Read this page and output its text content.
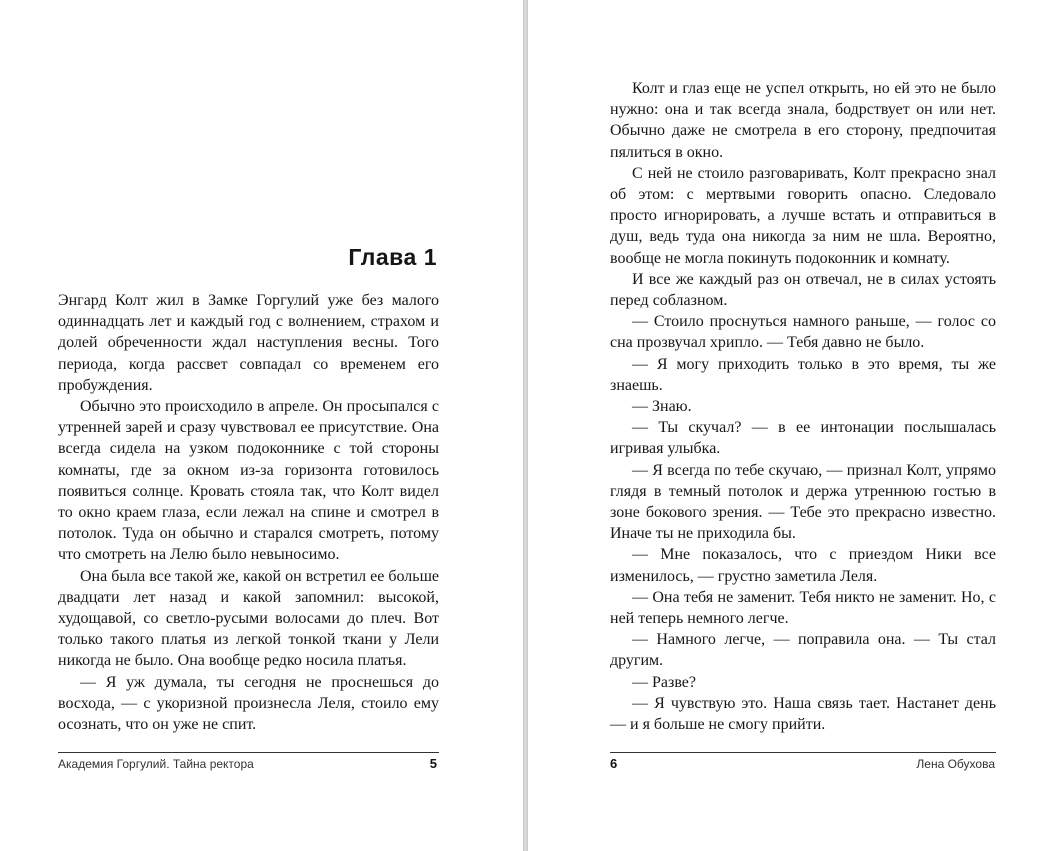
Глава 1

Энгард Колт жил в Замке Горгулий уже без малого одиннадцать лет и каждый год с волнением, страхом и долей обреченности ждал наступления весны. Того периода, когда рассвет совпадал со временем его пробуждения.

Обычно это происходило в апреле. Он просыпался с утренней зарей и сразу чувствовал ее присутствие. Она всегда сидела на узком подоконнике с той стороны комнаты, где за окном из-за горизонта готовилось появиться солнце. Кровать стояла так, что Колт видел то окно краем глаза, если лежал на спине и смотрел в потолок. Туда он обычно и старался смотреть, потому что смотреть на Лелю было невыносимо.

Она была все такой же, какой он встретил ее больше двадцати лет назад и какой запомнил: высокой, худощавой, со светло-русыми волосами до плеч. Вот только такого платья из легкой тонкой ткани у Лели никогда не было. Она вообще редко носила платья.

— Я уж думала, ты сегодня не проснешься до восхода, — с укоризной произнесла Леля, стоило ему осознать, что он уже не спит.

Академия Горгулий. Тайна ректора	5

Колт и глаз еще не успел открыть, но ей это не было нужно: она и так всегда знала, бодрствует он или нет. Обычно даже не смотрела в его сторону, предпочитая пялиться в окно.

С ней не стоило разговаривать, Колт прекрасно знал об этом: с мертвыми говорить опасно. Следовало просто игнорировать, а лучше встать и отправиться в душ, ведь туда она никогда за ним не шла. Вероятно, вообще не могла покинуть подоконник и комнату.

И все же каждый раз он отвечал, не в силах устоять перед соблазном.

— Стоило проснуться намного раньше, — голос со сна прозвучал хрипло. — Тебя давно не было.

— Я могу приходить только в это время, ты же знаешь.

— Знаю.

— Ты скучал? — в ее интонации послышалась игривая улыбка.

— Я всегда по тебе скучаю, — признал Колт, упрямо глядя в темный потолок и держа утреннюю гостью в зоне бокового зрения. — Тебе это прекрасно известно. Иначе ты не приходила бы.

— Мне показалось, что с приездом Ники все изменилось, — грустно заметила Леля.

— Она тебя не заменит. Тебя никто не заменит. Но, с ней теперь немного легче.

— Намного легче, — поправила она. — Ты стал другим.

— Разве?

— Я чувствую это. Наша связь тает. Настанет день — и я больше не смогу прийти.

6	Лена Обухова
